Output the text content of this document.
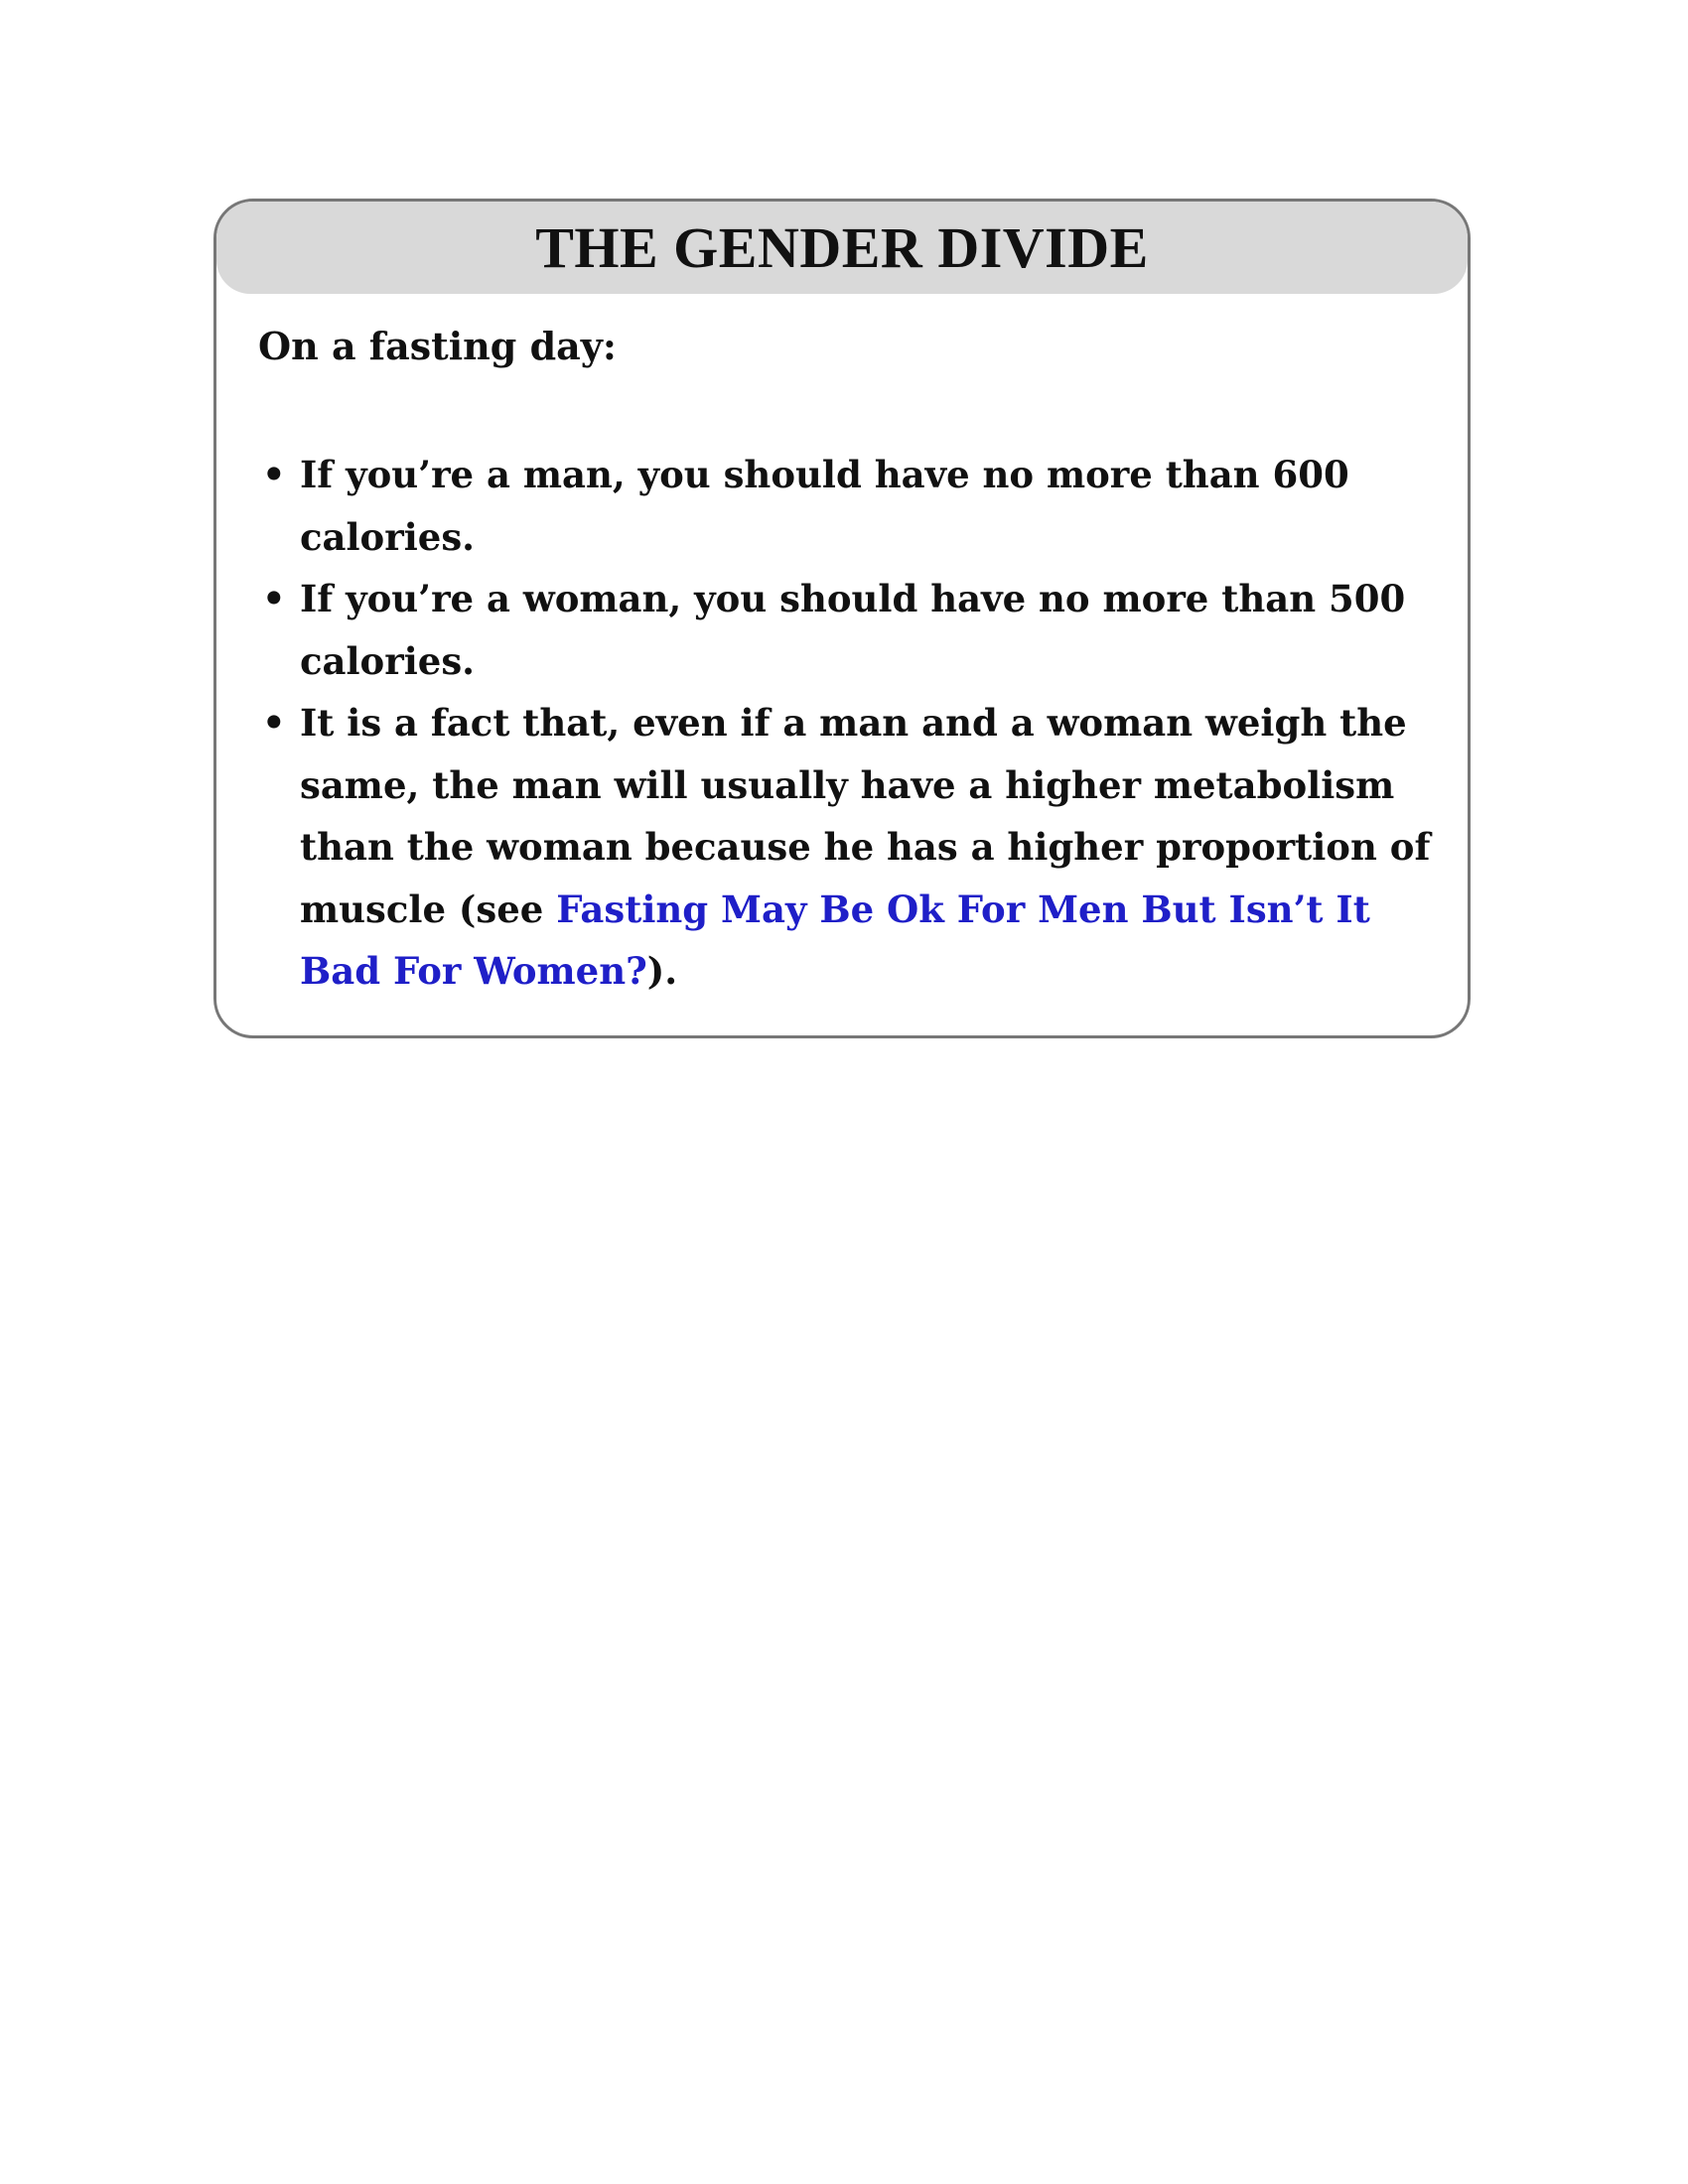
THE GENDER DIVIDE

On a fasting day:

• If you’re a man, you should have no more than 600 calories.
• If you’re a woman, you should have no more than 500 calories.
• It is a fact that, even if a man and a woman weigh the same, the man will usually have a higher metabolism than the woman because he has a higher proportion of muscle (see Fasting May Be Ok For Men But Isn’t It Bad For Women?).
